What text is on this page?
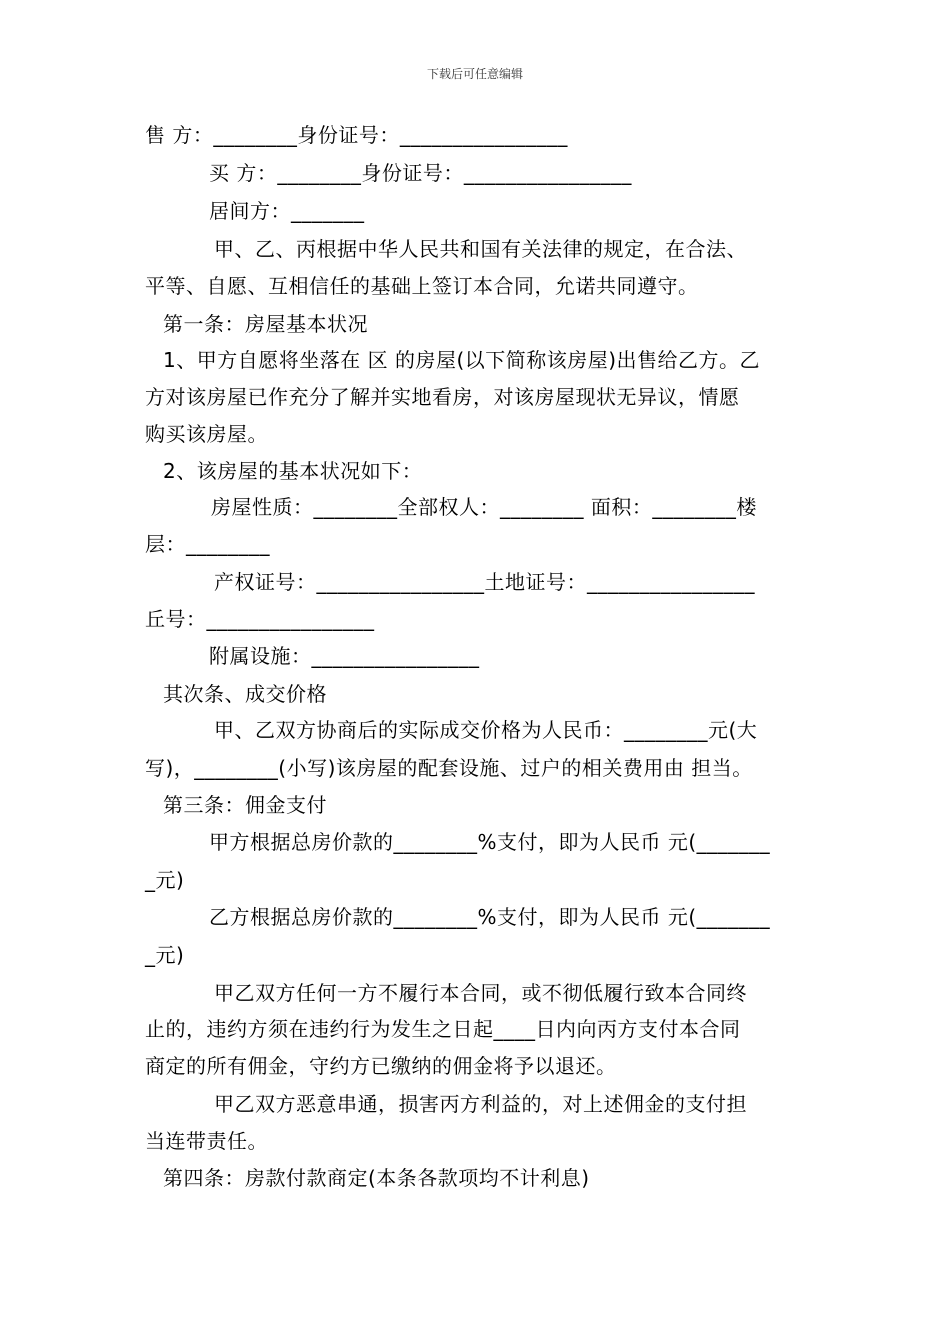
下载后可任意编辑
售 方：________身份证号：________________
买 方：________身份证号：________________
居间方：_______
甲、乙、丙根据中华人民共和国有关法律的规定，在合法、
平等、自愿、互相信任的基础上签订本合同，允诺共同遵守。
第一条：房屋基本状况
1、甲方自愿将坐落在 区 的房屋(以下简称该房屋)出售给乙方。乙
方对该房屋已作充分了解并实地看房，对该房屋现状无异议，情愿
购买该房屋。
2、该房屋的基本状况如下：
房屋性质：________全部权人：________ 面积：________楼
层：________
产权证号：________________土地证号：________________
丘号：________________
附属设施：________________
其次条、成交价格
甲、乙双方协商后的实际成交价格为人民币：________元(大
写)，________(小写)该房屋的配套设施、过户的相关费用由 担当。
第三条：佣金支付
甲方根据总房价款的________%支付，即为人民币 元(_______
_元)
乙方根据总房价款的________%支付，即为人民币 元(_______
_元)
甲乙双方任何一方不履行本合同，或不彻低履行致本合同终
止的，违约方须在违约行为发生之日起____日内向丙方支付本合同
商定的所有佣金，守约方已缴纳的佣金将予以退还。
甲乙双方恶意串通，损害丙方利益的，对上述佣金的支付担
当连带责任。
第四条：房款付款商定(本条各款项均不计利息)
